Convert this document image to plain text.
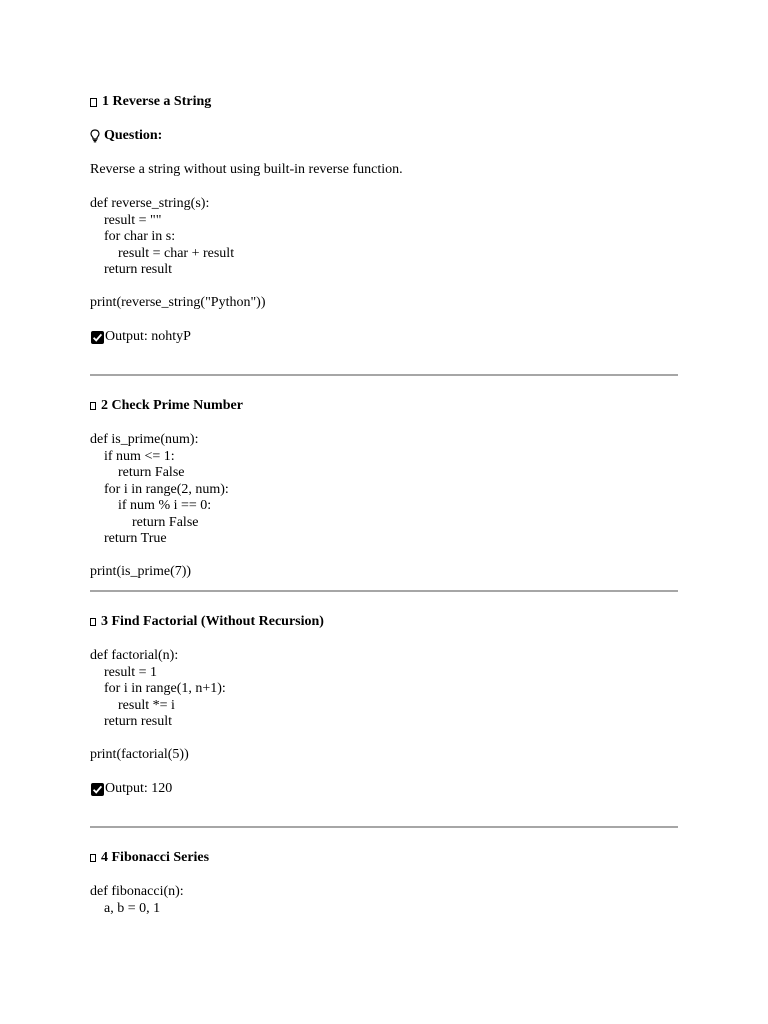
1 Reverse a String
Question:
Reverse a string without using built-in reverse function.
def reverse_string(s):
result = ""
for char in s:
result = char + result
return result

print(reverse_string("Python"))
Output: nohtyP
2 Check Prime Number
def is_prime(num):
if num <= 1:
return False
for i in range(2, num):
if num % i == 0:
return False
return True

print(is_prime(7))
3 Find Factorial (Without Recursion)
def factorial(n):
result = 1
for i in range(1, n+1):
result *= i
return result

print(factorial(5))
Output: 120
4 Fibonacci Series
def fibonacci(n):
a, b = 0, 1
